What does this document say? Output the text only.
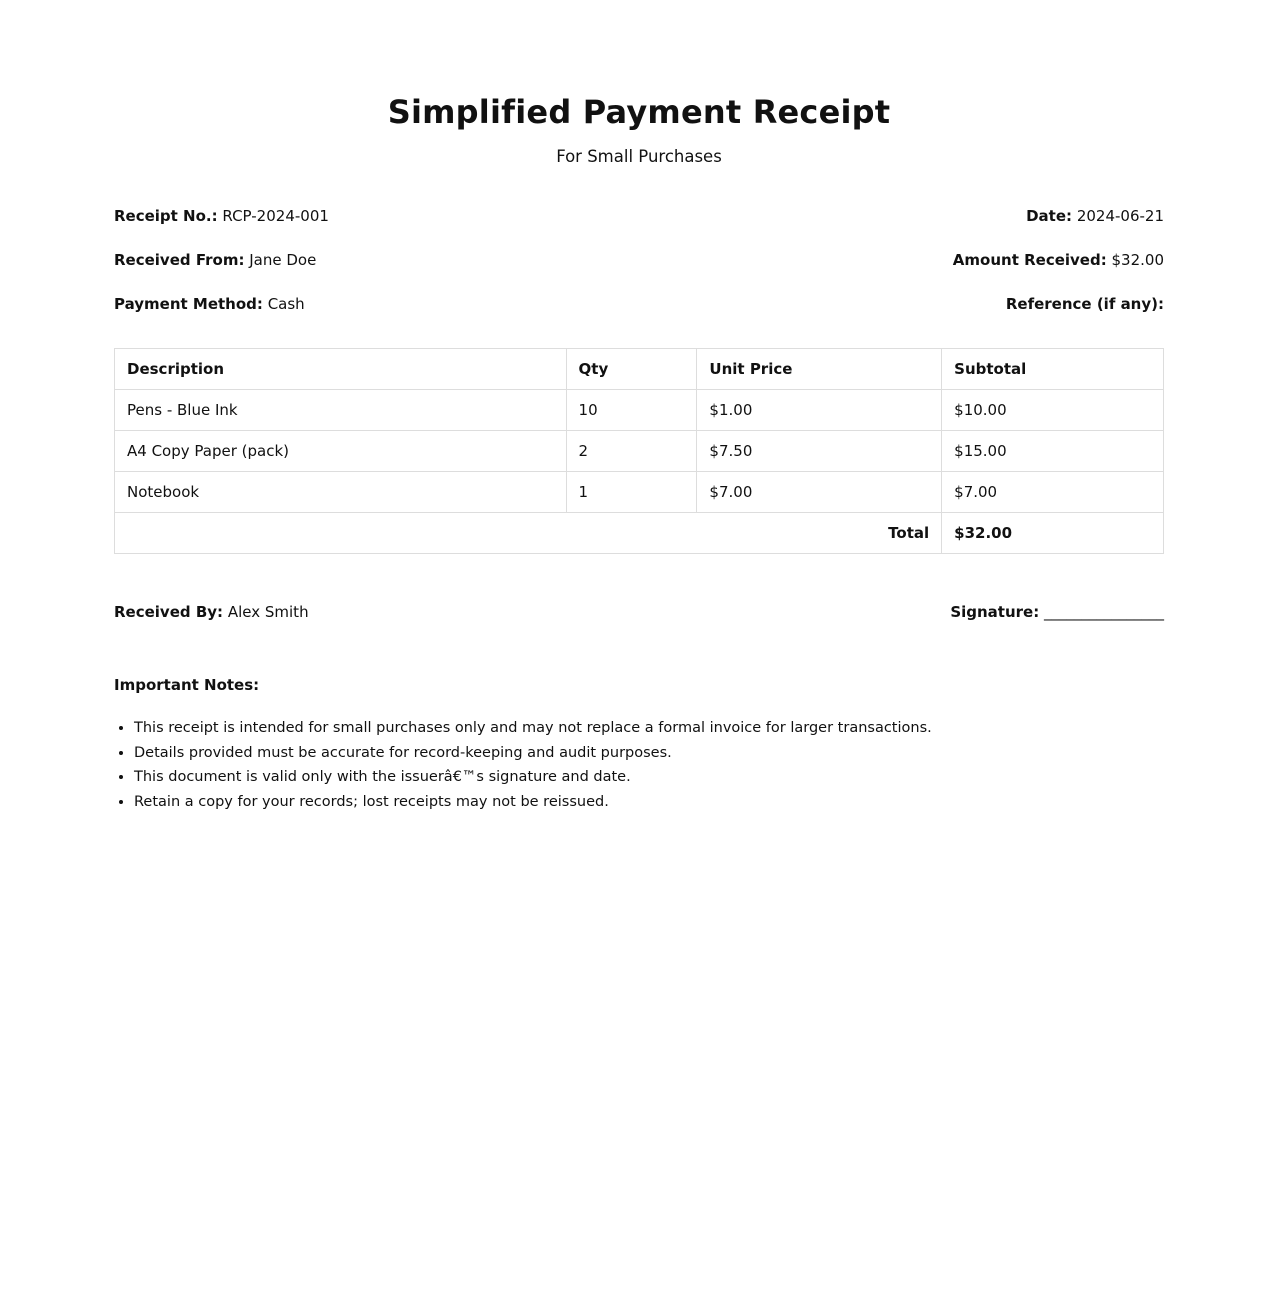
Simplified Payment Receipt
For Small Purchases
Receipt No.: RCP-2024-001	Date: 2024-06-21
Received From: Jane Doe	Amount Received: $32.00
Payment Method: Cash	Reference (if any):
Description	Qty	Unit Price	Subtotal
Pens - Blue Ink	10	$1.00	$10.00
A4 Copy Paper (pack)	2	$7.50	$15.00
Notebook	1	$7.00	$7.00
Total			$32.00
Received By: Alex Smith	Signature: ________________
Important Notes:
• This receipt is intended for small purchases only and may not replace a formal invoice for larger transactions.
• Details provided must be accurate for record-keeping and audit purposes.
• This document is valid only with the issuerâ€™s signature and date.
• Retain a copy for your records; lost receipts may not be reissued.
